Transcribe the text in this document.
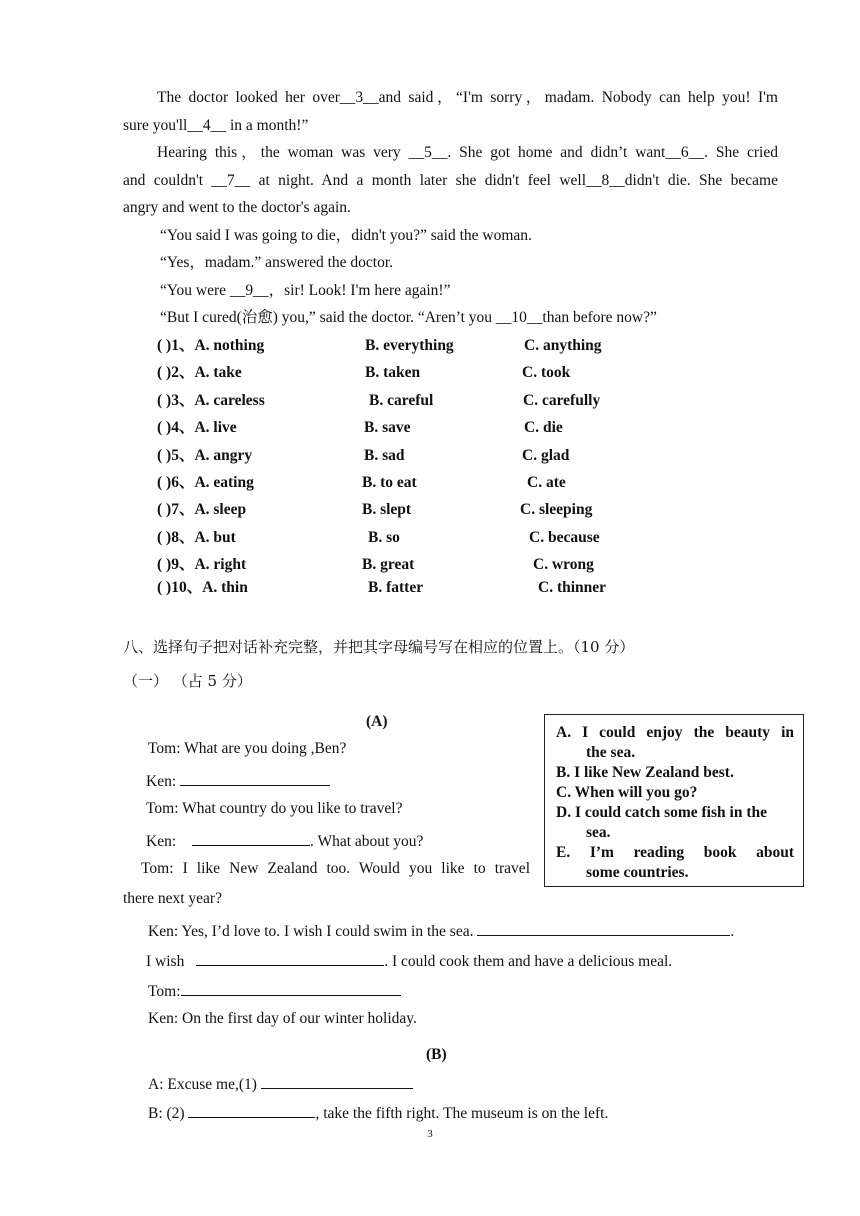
The doctor looked her over__3__and said，“I'm sorry，madam. Nobody can help you! I'm
sure you'll__4__ in a month!”
Hearing this，the woman was very __5__. She got home and didn’t want__6__. She cried
and couldn't __7__ at night. And a month later she didn't feel well__8__didn't die. She became
angry and went to the doctor's again.
“You said I was going to die，didn't you?” said the woman.
“Yes，madam.” answered the doctor.
“You were __9__，sir! Look! I'm here again!”
“But I cured(治愈) you,” said the doctor. “Aren’t you __10__than before now?”
( )1、A. nothing	B. everything	C. anything
( )2、A. take	B. taken	C. took
( )3、A. careless	B. careful	C. carefully
( )4、A. live	B. save	C. die
( )5、A. angry	B. sad	C. glad
( )6、A. eating	B. to eat	C. ate
( )7、A. sleep	B. slept	C. sleeping
( )8、A. but	B. so	C. because
( )9、A. right	B. great	C. wrong
( )10、A. thin	B. fatter	C. thinner
八、选择句子把对话补充完整，并把其字母编号写在相应的位置上。（10 分）
（一） （占 5 分）
(A)
Tom: What are you doing ,Ben?
Ken:
Tom: What country do you like to travel?
Ken:	. What about you?
Tom: I like New Zealand too. Would you like to travel
there next year?
Ken: Yes, I’d love to. I wish I could swim in the sea.	.
I wish	. I could cook them and have a delicious meal.
Tom:
Ken: On the first day of our winter holiday.
A. I could enjoy the beauty in
the sea.
B. I like New Zealand best.
C. When will you go?
D. I could catch some fish in the
sea.
E. I’m reading book about
some countries.
(B)
A: Excuse me,(1)
B: (2)	, take the fifth right. The museum is on the left.
3
